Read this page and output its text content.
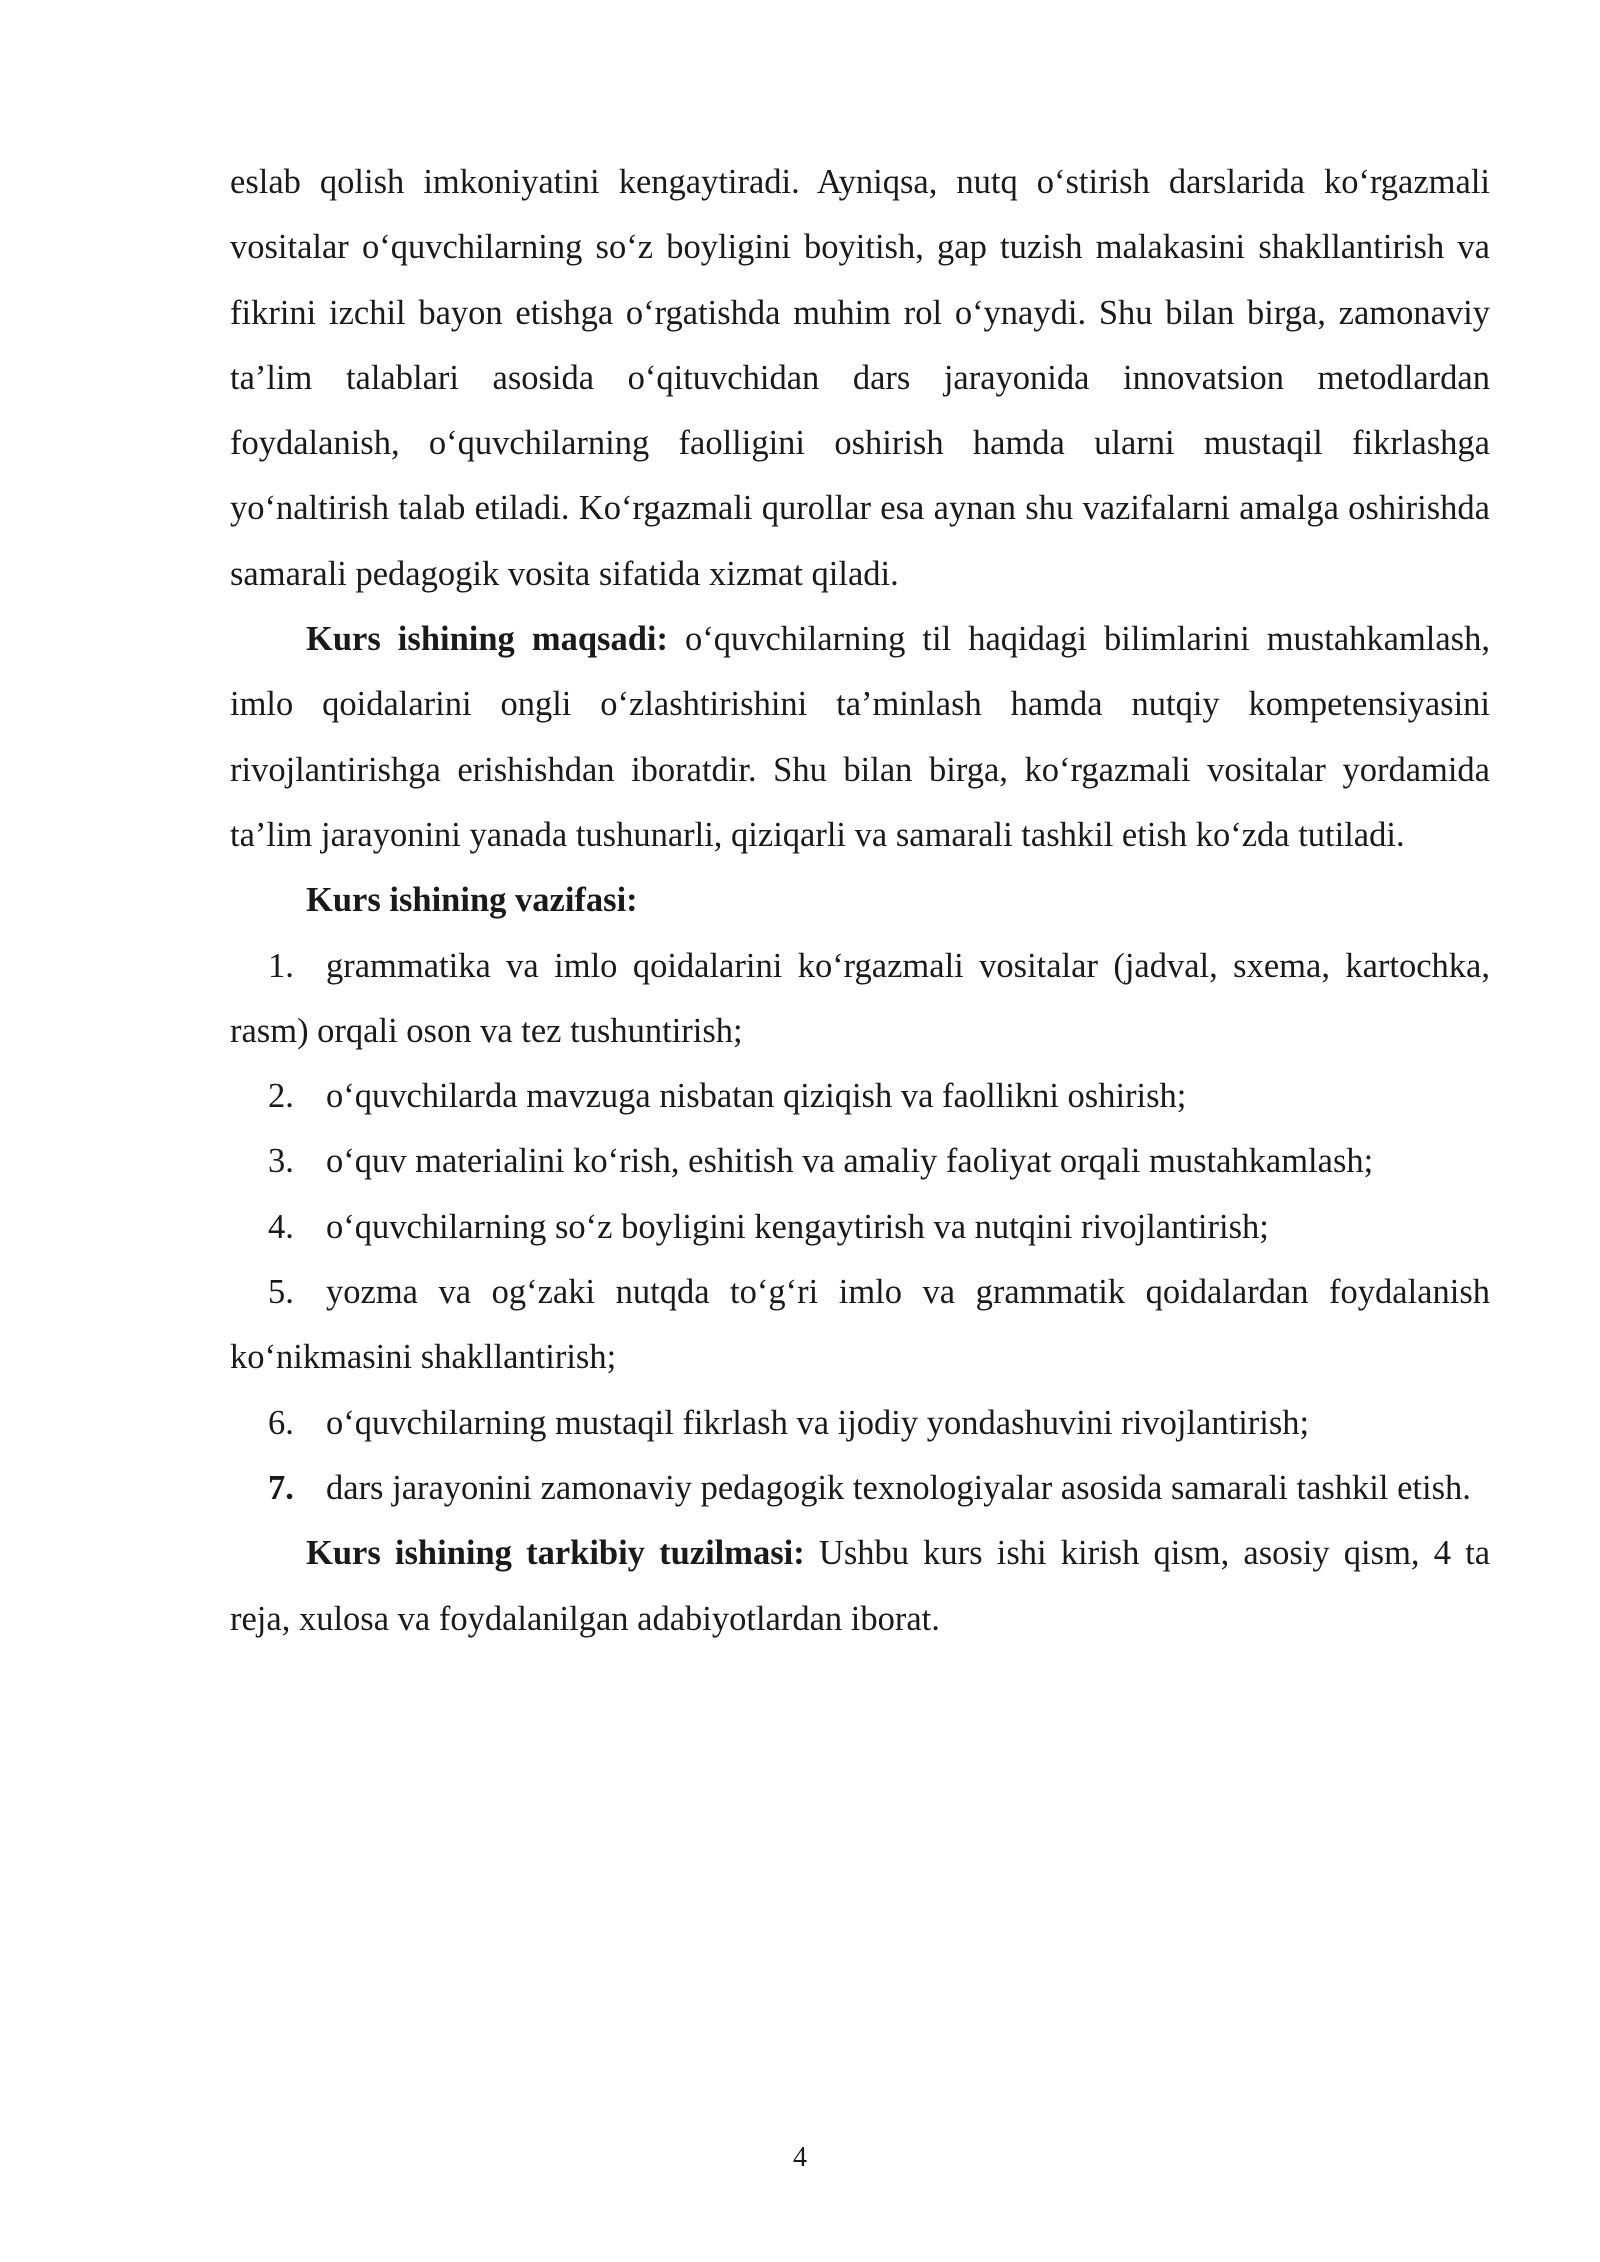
eslab qolish imkoniyatini kengaytiradi. Ayniqsa, nutq o‘stirish darslarida ko‘rgazmali vositalar o‘quvchilarning so‘z boyligini boyitish, gap tuzish malakasini shakllantirish va fikrini izchil bayon etishga o‘rgatishda muhim rol o‘ynaydi. Shu bilan birga, zamonaviy ta’lim talablari asosida o‘qituvchidan dars jarayonida innovatsion metodlardan foydalanish, o‘quvchilarning faolligini oshirish hamda ularni mustaqil fikrlashga yo‘naltirish talab etiladi. Ko‘rgazmali qurollar esa aynan shu vazifalarni amalga oshirishda samarali pedagogik vosita sifatida xizmat qiladi.

Kurs ishining maqsadi: o‘quvchilarning til haqidagi bilimlarini mustahkamlash, imlo qoidalarini ongli o‘zlashtirishini ta’minlash hamda nutqiy kompetensiyasini rivojlantirishga erishishdan iboratdir. Shu bilan birga, ko‘rgazmali vositalar yordamida ta’lim jarayonini yanada tushunarli, qiziqarli va samarali tashkil etish ko‘zda tutiladi.

Kurs ishining vazifasi:

1. grammatika va imlo qoidalarini ko‘rgazmali vositalar (jadval, sxema, kartochka, rasm) orqali oson va tez tushuntirish;

2. o‘quvchilarda mavzuga nisbatan qiziqish va faollikni oshirish;

3. o‘quv materialini ko‘rish, eshitish va amaliy faoliyat orqali mustahkamlash;

4. o‘quvchilarning so‘z boyligini kengaytirish va nutqini rivojlantirish;

5. yozma va og‘zaki nutqda to‘g‘ri imlo va grammatik qoidalardan foydalanish ko‘nikmasini shakllantirish;

6. o‘quvchilarning mustaqil fikrlash va ijodiy yondashuvini rivojlantirish;

7. dars jarayonini zamonaviy pedagogik texnologiyalar asosida samarali tashkil etish.

Kurs ishining tarkibiy tuzilmasi: Ushbu kurs ishi kirish qism, asosiy qism, 4 ta reja, xulosa va foydalanilgan adabiyotlardan iborat.

4
